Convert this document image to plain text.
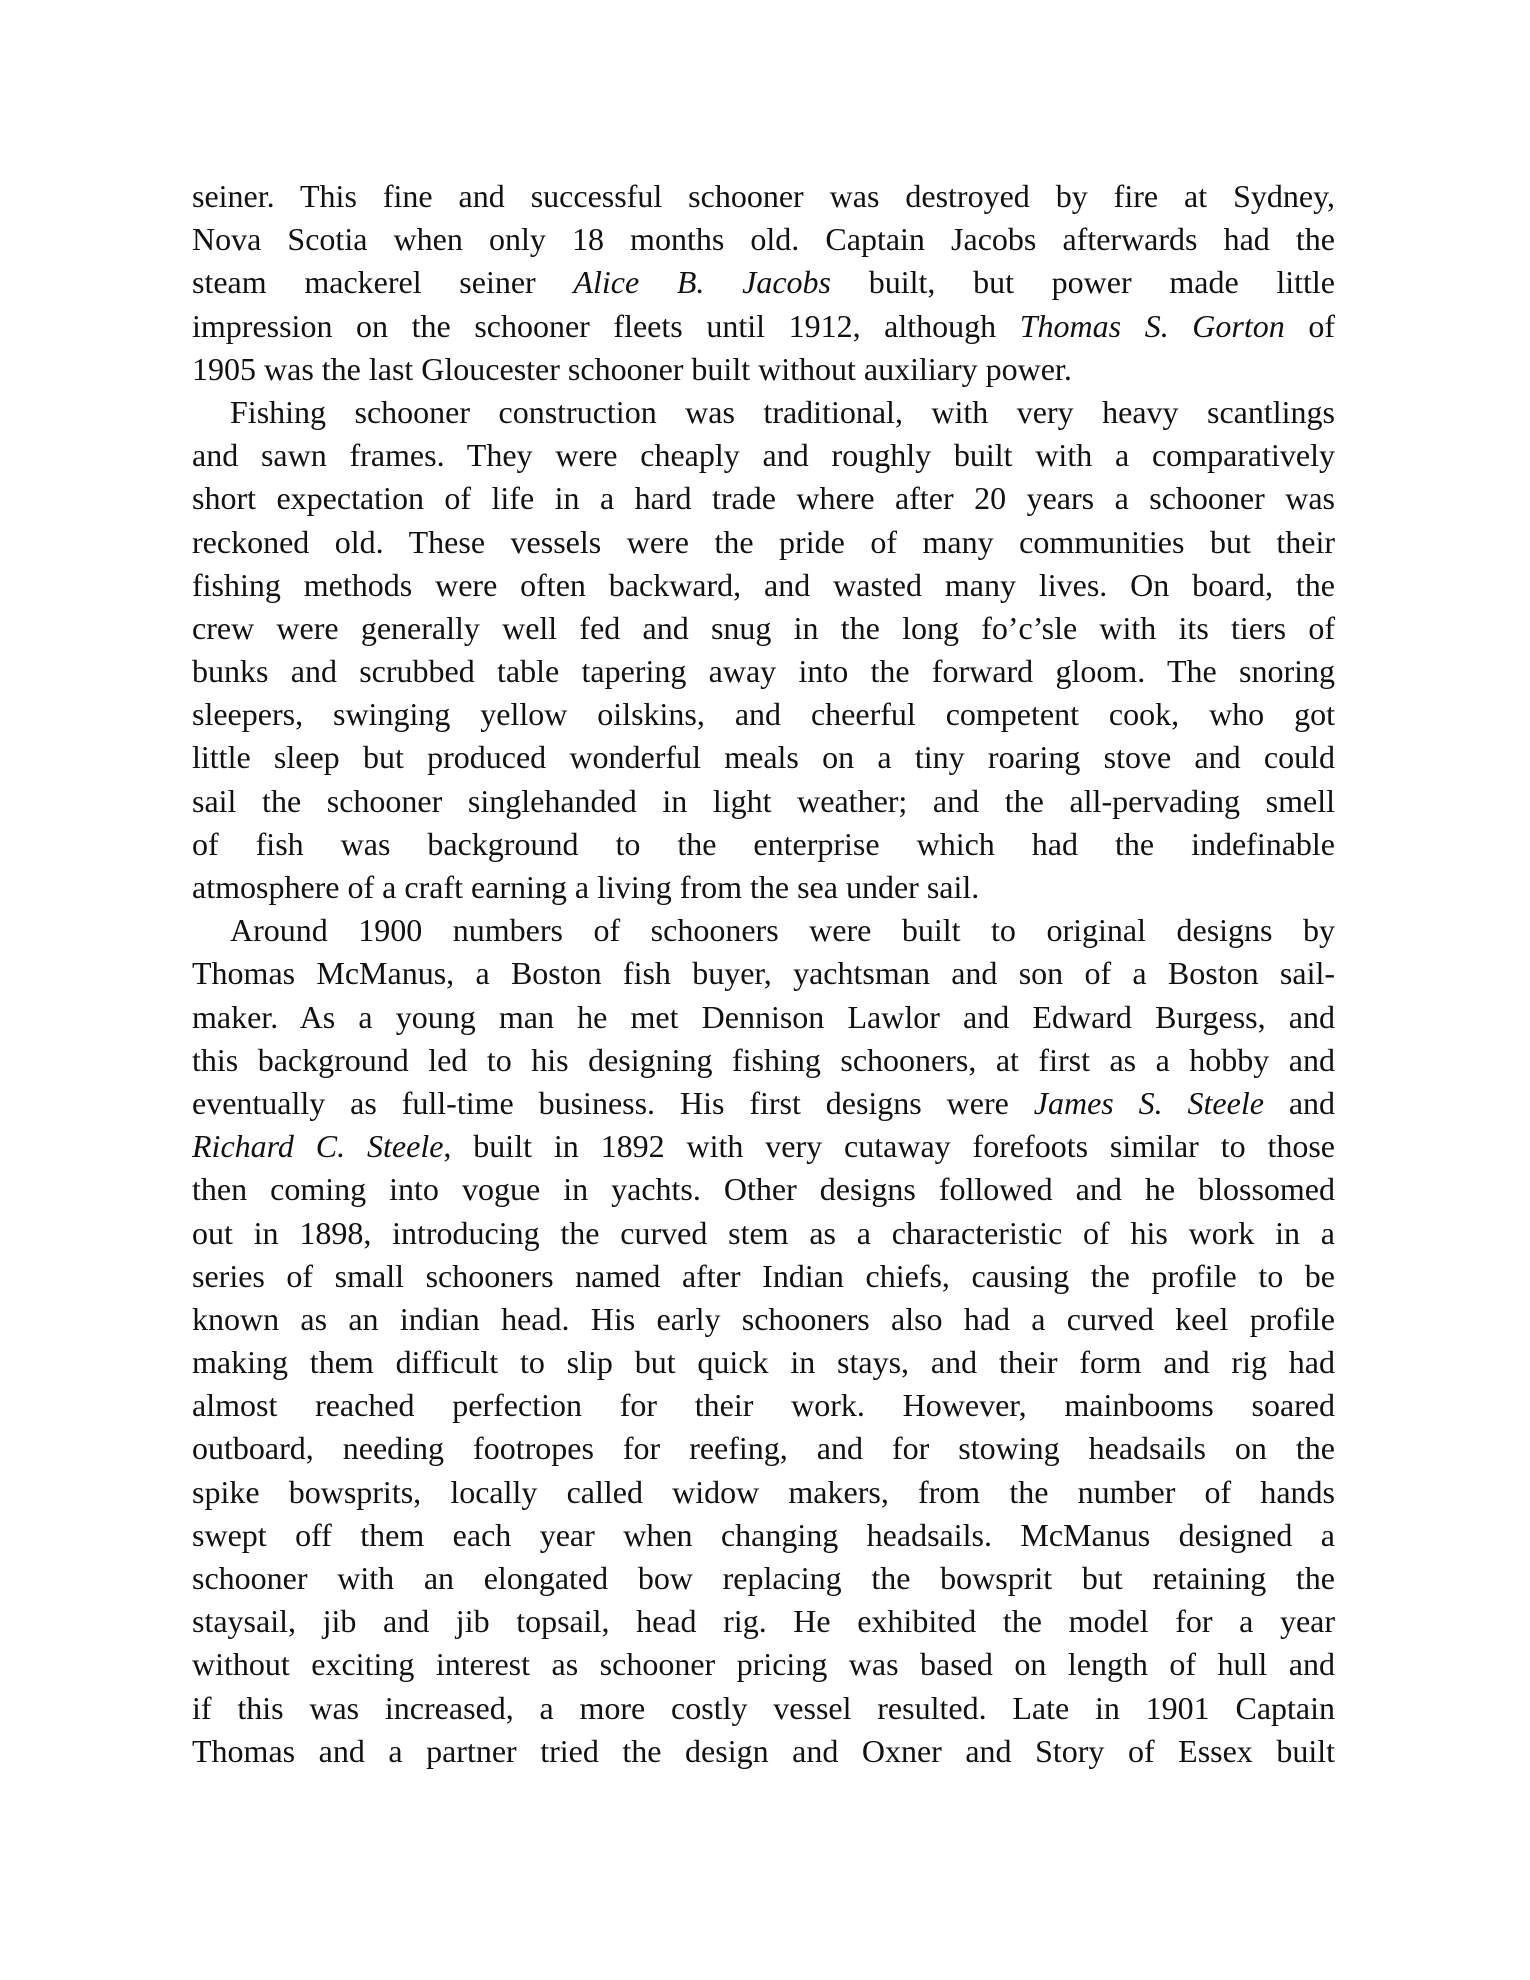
seiner. This fine and successful schooner was destroyed by fire at Sydney,
Nova Scotia when only 18 months old. Captain Jacobs afterwards had the
steam mackerel seiner Alice B. Jacobs built, but power made little
impression on the schooner fleets until 1912, although Thomas S. Gorton of
1905 was the last Gloucester schooner built without auxiliary power.
Fishing schooner construction was traditional, with very heavy scantlings
and sawn frames. They were cheaply and roughly built with a comparatively
short expectation of life in a hard trade where after 20 years a schooner was
reckoned old. These vessels were the pride of many communities but their
fishing methods were often backward, and wasted many lives. On board, the
crew were generally well fed and snug in the long fo’c’sle with its tiers of
bunks and scrubbed table tapering away into the forward gloom. The snoring
sleepers, swinging yellow oilskins, and cheerful competent cook, who got
little sleep but produced wonderful meals on a tiny roaring stove and could
sail the schooner singlehanded in light weather; and the all-pervading smell
of fish was background to the enterprise which had the indefinable
atmosphere of a craft earning a living from the sea under sail.
Around 1900 numbers of schooners were built to original designs by
Thomas McManus, a Boston fish buyer, yachtsman and son of a Boston sail-
maker. As a young man he met Dennison Lawlor and Edward Burgess, and
this background led to his designing fishing schooners, at first as a hobby and
eventually as full-time business. His first designs were James S. Steele and
Richard C. Steele, built in 1892 with very cutaway forefoots similar to those
then coming into vogue in yachts. Other designs followed and he blossomed
out in 1898, introducing the curved stem as a characteristic of his work in a
series of small schooners named after Indian chiefs, causing the profile to be
known as an indian head. His early schooners also had a curved keel profile
making them difficult to slip but quick in stays, and their form and rig had
almost reached perfection for their work. However, mainbooms soared
outboard, needing footropes for reefing, and for stowing headsails on the
spike bowsprits, locally called widow makers, from the number of hands
swept off them each year when changing headsails. McManus designed a
schooner with an elongated bow replacing the bowsprit but retaining the
staysail, jib and jib topsail, head rig. He exhibited the model for a year
without exciting interest as schooner pricing was based on length of hull and
if this was increased, a more costly vessel resulted. Late in 1901 Captain
Thomas and a partner tried the design and Oxner and Story of Essex built
